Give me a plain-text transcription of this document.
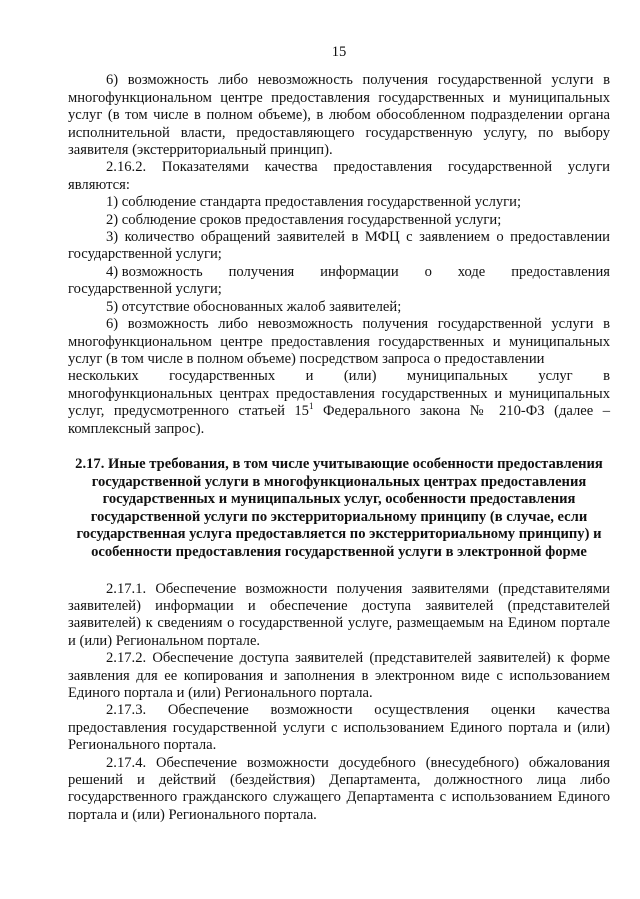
15

6) возможность либо невозможность получения государственной услуги в многофункциональном центре предоставления государственных и муниципальных услуг (в том числе в полном объеме), в любом обособленном подразделении органа исполнительной власти, предоставляющего государственную услугу, по выбору заявителя (экстерриториальный принцип).

2.16.2. Показателями качества предоставления государственной услуги являются:

1) соблюдение стандарта предоставления государственной услуги;

2) соблюдение сроков предоставления государственной услуги;

3) количество обращений заявителей в МФЦ с заявлением о предоставлении государственной услуги;

4) возможность получения информации о ходе предоставления

государственной услуги;

5) отсутствие обоснованных жалоб заявителей;

6) возможность либо невозможность получения государственной услуги в многофункциональном центре предоставления государственных и муниципальных услуг (в том числе в полном объеме) посредством запроса о предоставлении

нескольких государственных и (или) муниципальных услуг в

многофункциональных центрах предоставления государственных и муниципальных услуг, предусмотренного статьей $15^1$ Федерального закона № 210-ФЗ (далее – комплексный запрос).

2.17. Иные требования, в том числе учитывающие особенности предоставления
государственной услуги в многофункциональных центрах предоставления
государственных и муниципальных услуг, особенности предоставления
государственной услуги по экстерриториальному принципу (в случае, если
государственная услуга предоставляется по экстерриториальному принципу) и
особенности предоставления государственной услуги в электронной форме

2.17.1. Обеспечение возможности получения заявителями (представителями заявителей) информации и обеспечение доступа заявителей (представителей заявителей) к сведениям о государственной услуге, размещаемым на Едином портале и (или) Региональном портале.

2.17.2. Обеспечение доступа заявителей (представителей заявителей) к форме заявления для ее копирования и заполнения в электронном виде с использованием Единого портала и (или) Регионального портала.

2.17.3. Обеспечение возможности осуществления оценки качества

предоставления государственной услуги с использованием Единого портала и (или) Регионального портала.

2.17.4. Обеспечение возможности досудебного (внесудебного) обжалования решений и действий (бездействия) Департамента, должностного лица либо государственного гражданского служащего Департамента с использованием Единого портала и (или) Регионального портала.
